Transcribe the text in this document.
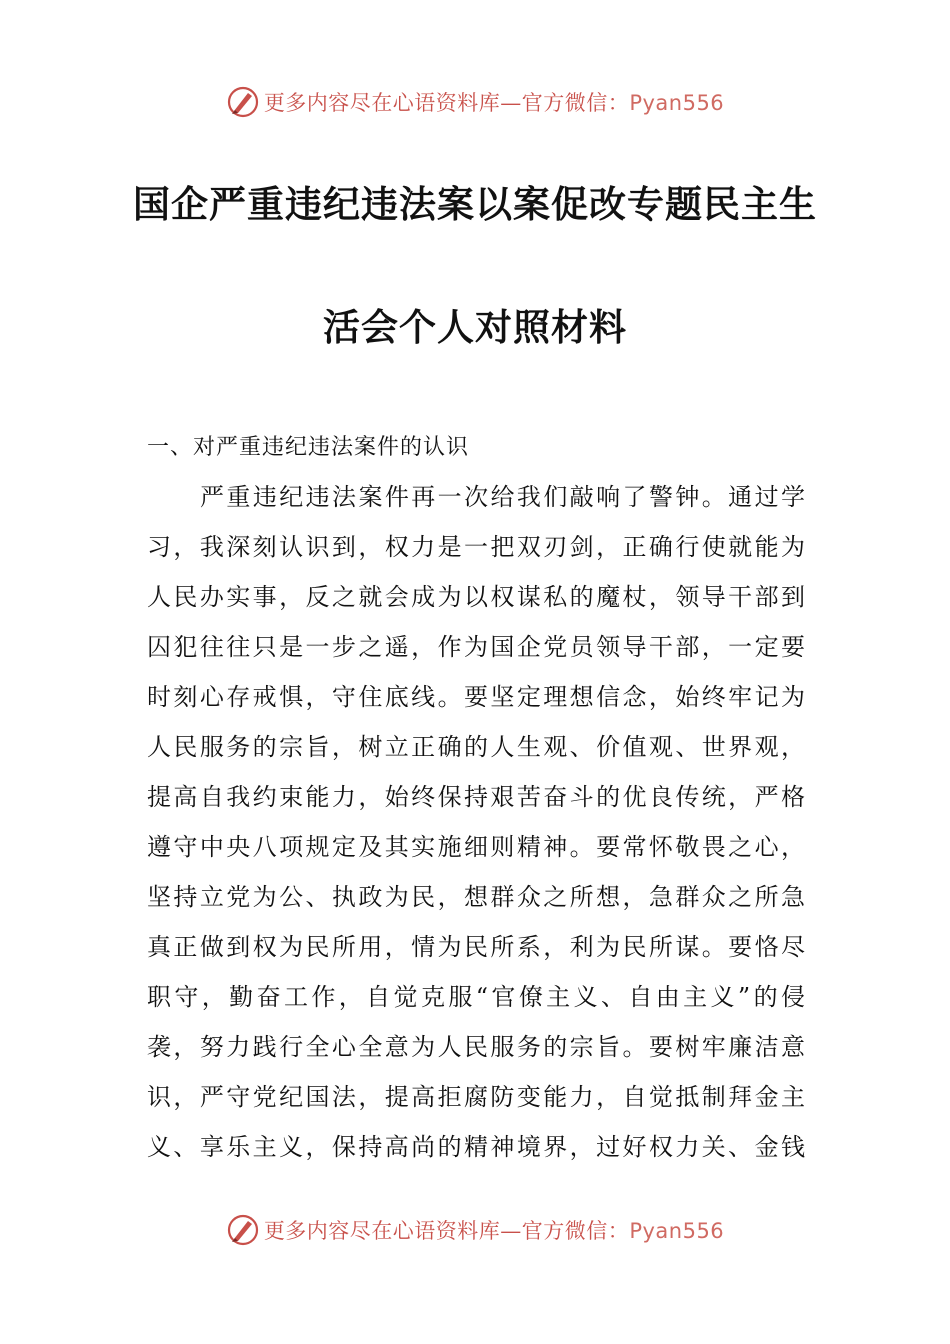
更多内容尽在心语资料库—官方微信：Pyan556
国企严重违纪违法案以案促改专题民主生
活会个人对照材料
一、对严重违纪违法案件的认识
严重违纪违法案件再一次给我们敲响了警钟。通过学
习，我深刻认识到，权力是一把双刃剑，正确行使就能为
人民办实事，反之就会成为以权谋私的魔杖，领导干部到
囚犯往往只是一步之遥，作为国企党员领导干部，一定要
时刻心存戒惧，守住底线。要坚定理想信念，始终牢记为
人民服务的宗旨，树立正确的人生观、价值观、世界观，
提高自我约束能力，始终保持艰苦奋斗的优良传统，严格
遵守中央八项规定及其实施细则精神。要常怀敬畏之心，
坚持立党为公、执政为民，想群众之所想，急群众之所急
真正做到权为民所用，情为民所系，利为民所谋。要恪尽
职守，勤奋工作，自觉克服“官僚主义、自由主义”的侵
袭，努力践行全心全意为人民服务的宗旨。要树牢廉洁意
识，严守党纪国法，提高拒腐防变能力，自觉抵制拜金主
义、享乐主义，保持高尚的精神境界，过好权力关、金钱
更多内容尽在心语资料库—官方微信：Pyan556
